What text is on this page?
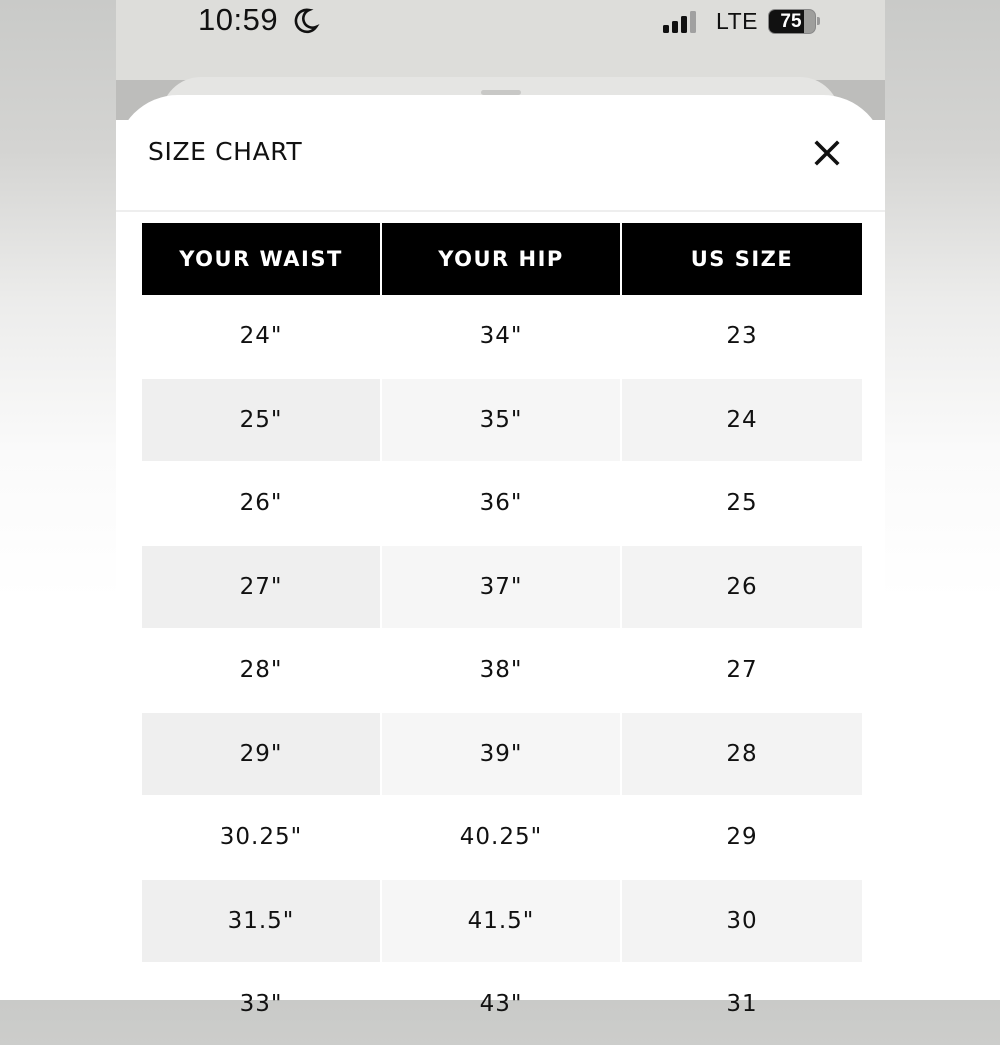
10:59	LTE	75
SIZE CHART
YOUR WAIST	YOUR HIP	US SIZE
24"	34"	23
25"	35"	24
26"	36"	25
27"	37"	26
28"	38"	27
29"	39"	28
30.25"	40.25"	29
31.5"	41.5"	30
33"	43"	31
